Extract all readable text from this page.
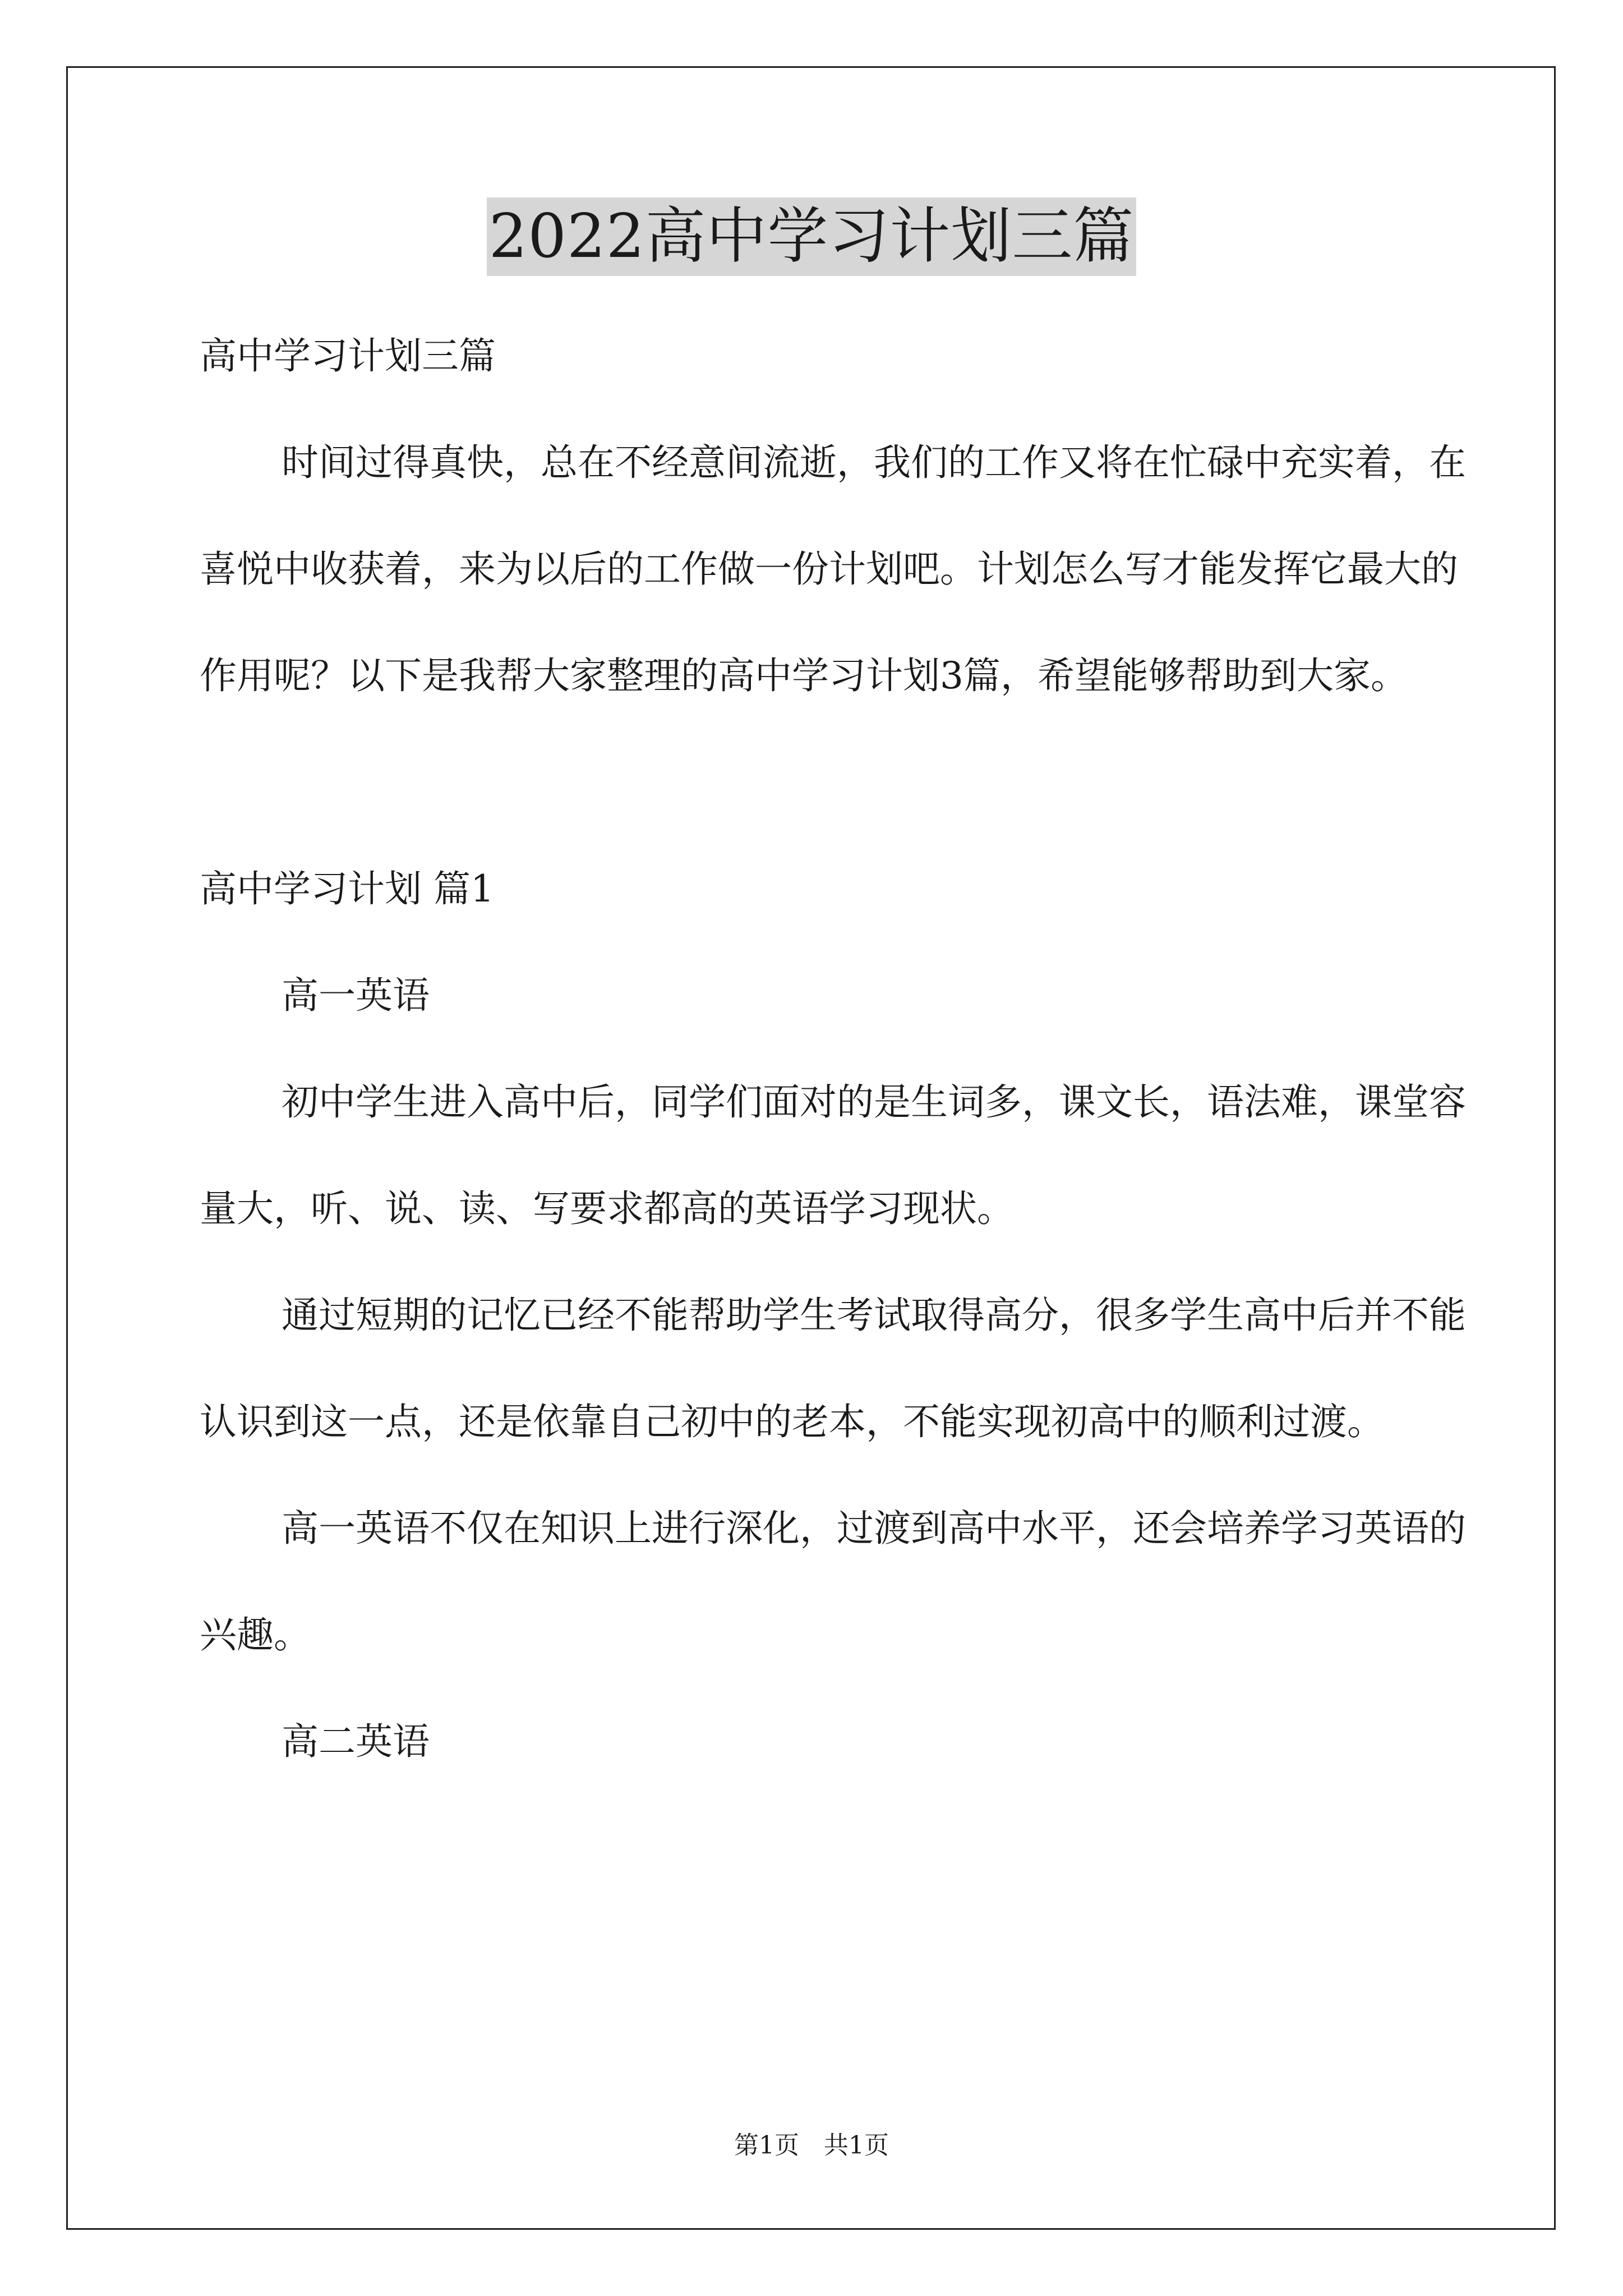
2022高中学习计划三篇

高中学习计划三篇

时间过得真快，总在不经意间流逝，我们的工作又将在忙碌中充实着，在喜悦中收获着，来为以后的工作做一份计划吧。计划怎么写才能发挥它最大的作用呢？以下是我帮大家整理的高中学习计划3篇，希望能够帮助到大家。

高中学习计划 篇1

高一英语

初中学生进入高中后，同学们面对的是生词多，课文长，语法难，课堂容量大，听、说、读、写要求都高的英语学习现状。

通过短期的记忆已经不能帮助学生考试取得高分，很多学生高中后并不能认识到这一点，还是依靠自己初中的老本，不能实现初高中的顺利过渡。

高一英语不仅在知识上进行深化，过渡到高中水平，还会培养学习英语的兴趣。

高二英语

第1页　共1页
